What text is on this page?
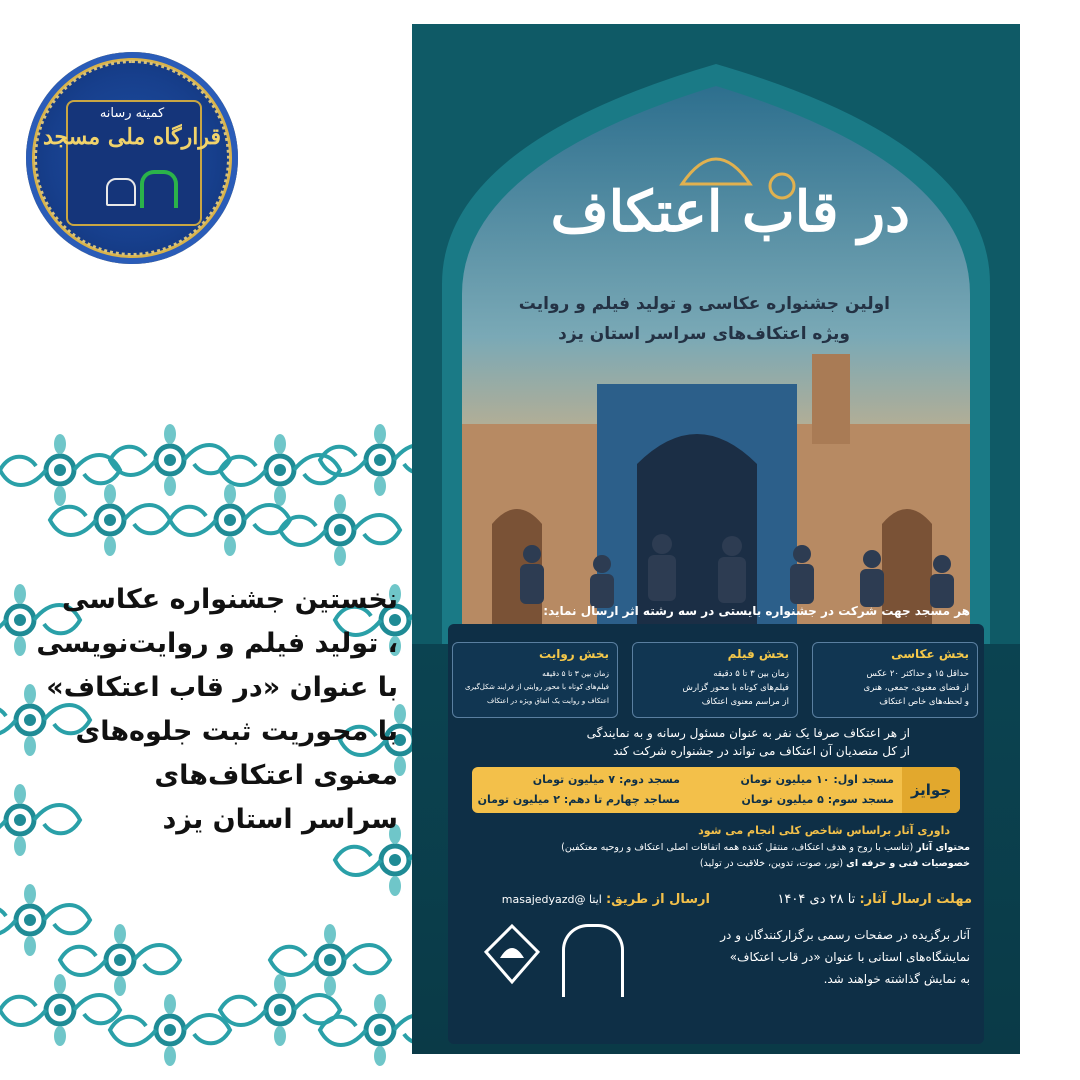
کمیته رسانه
قرارگاه ملی مسجد
نخستین جشنواره عکاسی
، تولید فیلم و روایت‌نویسی
با عنوان «در قاب اعتکاف»
با محوریت ثبت جلوه‌های
معنوی اعتکاف‌های
سراسر استان یزد
در قاب اعتکاف
اولین جشنواره عکاسی و تولید فیلم و روایت
ویژه اعتکاف‌های سراسر استان یزد
هر مسجد جهت شرکت در جشنواره بایستی در سه رشته اثر ارسال نماید:
بخش عکاسی
حداقل ۱۵ و حداکثر ۲۰ عکس
از فضای معنوی، جمعی، هنری
و لحظه‌های خاص اعتکاف
بخش فیلم
زمان بین ۳ تا ۵ دقیقه
فیلم‌های کوتاه با محور گزارش
از مراسم معنوی اعتکاف
بخش روایت
زمان بین ۳ تا ۵ دقیقه
فیلم‌های کوتاه با محور روایتی از فرایند شکل‌گیری
اعتکاف و روایت یک اتفاق ویژه در اعتکاف
از هر اعتکاف صرفا یک نفر به عنوان مسئول رسانه و به نمایندگی
از کل متصدیان آن اعتکاف می تواند در جشنواره شرکت کند
جوایز
مسجد اول: ۱۰ میلیون تومان
مسجد دوم: ۷ میلیون تومان
مسجد سوم: ۵ میلیون تومان
مساجد چهارم تا دهم: ۲ میلیون تومان
داوری آثار براساس شاخص کلی انجام می شود
محتوای آثار (تناسب با روح و هدف اعتکاف، منتقل کننده همه اتفاقات اصلی اعتکاف و روحیه معتکفین)
خصوصیات فنی و حرفه ای (نور، صوت، تدوین، خلاقیت در تولید)
مهلت ارسال آثار: تا ۲۸ دی ۱۴۰۴
ارسال از طریق: ایتا @masajedyazd
آثار برگزیده در صفحات رسمی برگزارکنندگان و در
نمایشگاه‌های استانی با عنوان «در قاب اعتکاف»
به نمایش گذاشته خواهند شد.
